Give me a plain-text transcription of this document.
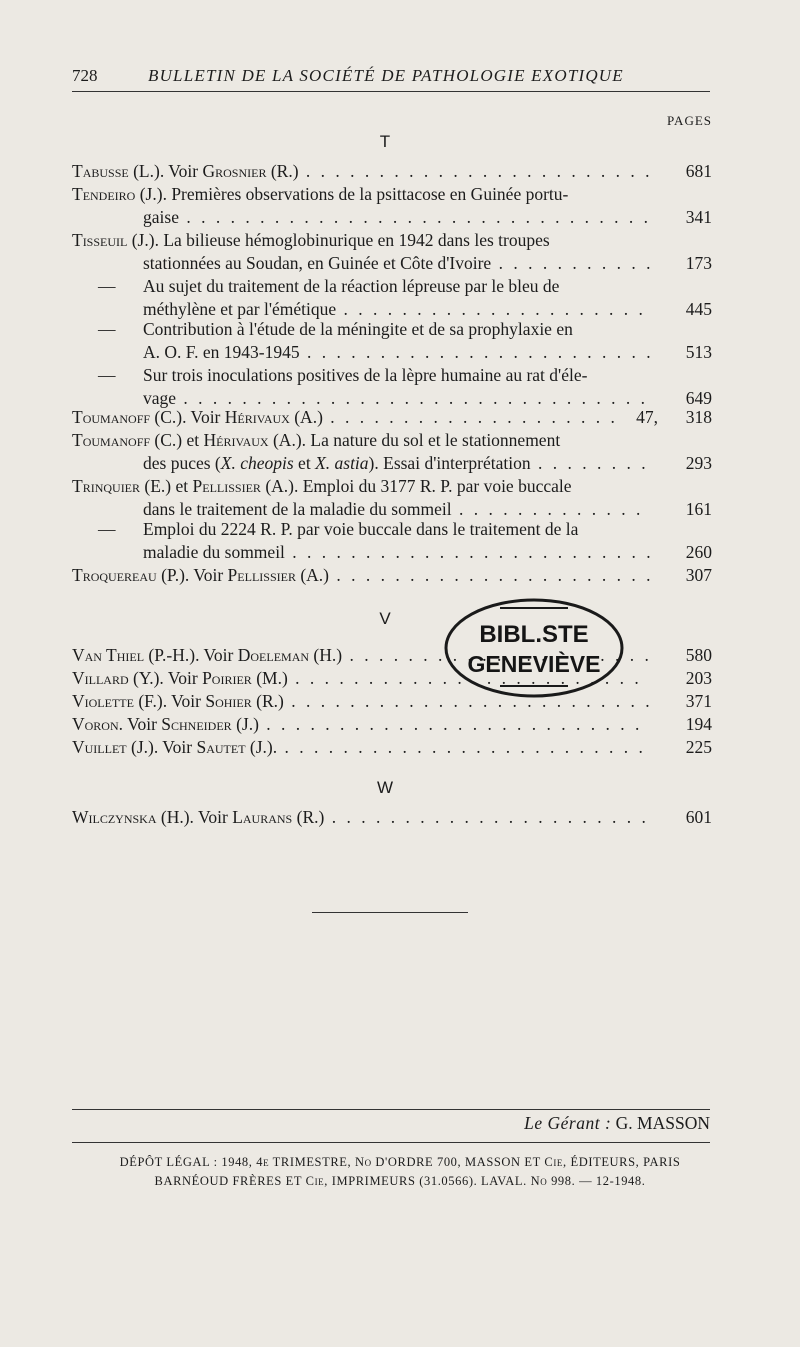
728	BULLETIN DE LA SOCIÉTÉ DE PATHOLOGIE EXOTIQUE
PAGES
T
Tabusse (L.). Voir Grosnier (R.) . . .	681
Tendeiro (J.). Premières observations de la psittacose en Guinée portu-
gaise . . .	341
Tisseuil (J.). La bilieuse hémoglobinurique en 1942 dans les troupes
stationnées au Soudan, en Guinée et Côte d'Ivoire . . .	173
— Au sujet du traitement de la réaction lépreuse par le bleu de
méthylène et par l'émétique . . .	445
— Contribution à l'étude de la méningite et de sa prophylaxie en
A. O. F. en 1943-1945 . . .	513
— Sur trois inoculations positives de la lèpre humaine au rat d'éle-
vage . . .	649
Toumanoff (C.). Voir Hérivaux (A.) . . .	47,	318
Toumanoff (C.) et Hérivaux (A.). La nature du sol et le stationnement
des puces (X. cheopis et X. astia). Essai d'interprétation . . .	293
Trinquier (E.) et Pellissier (A.). Emploi du 3177 R. P. par voie buccale
dans le traitement de la maladie du sommeil . . .	161
— Emploi du 2224 R. P. par voie buccale dans le traitement de la
maladie du sommeil . . .	260
Troquereau (P.). Voir Pellissier (A.) . . .	307
V
Van Thiel (P.-H.). Voir Doeleman (H.) . . .	580
Villard (Y.). Voir Poirier (M.) . . .	203
Violette (F.). Voir Sohier (R.) . . .	371
Voron. Voir Schneider (J.) . . .	194
Vuillet (J.). Voir Sautet (J.). . . .	225
BIBL.STE
GENEVIÈVE
W
Wilczynska (H.). Voir Laurans (R.) . . .	601
Le Gérant : G. MASSON
DÉPÔT LÉGAL : 1948, 4e TRIMESTRE, No D'ORDRE 700, MASSON ET Cie, ÉDITEURS, PARIS
BARNÉOUD FRÈRES ET Cie, IMPRIMEURS (31.0566). LAVAL. No 998. — 12-1948.
